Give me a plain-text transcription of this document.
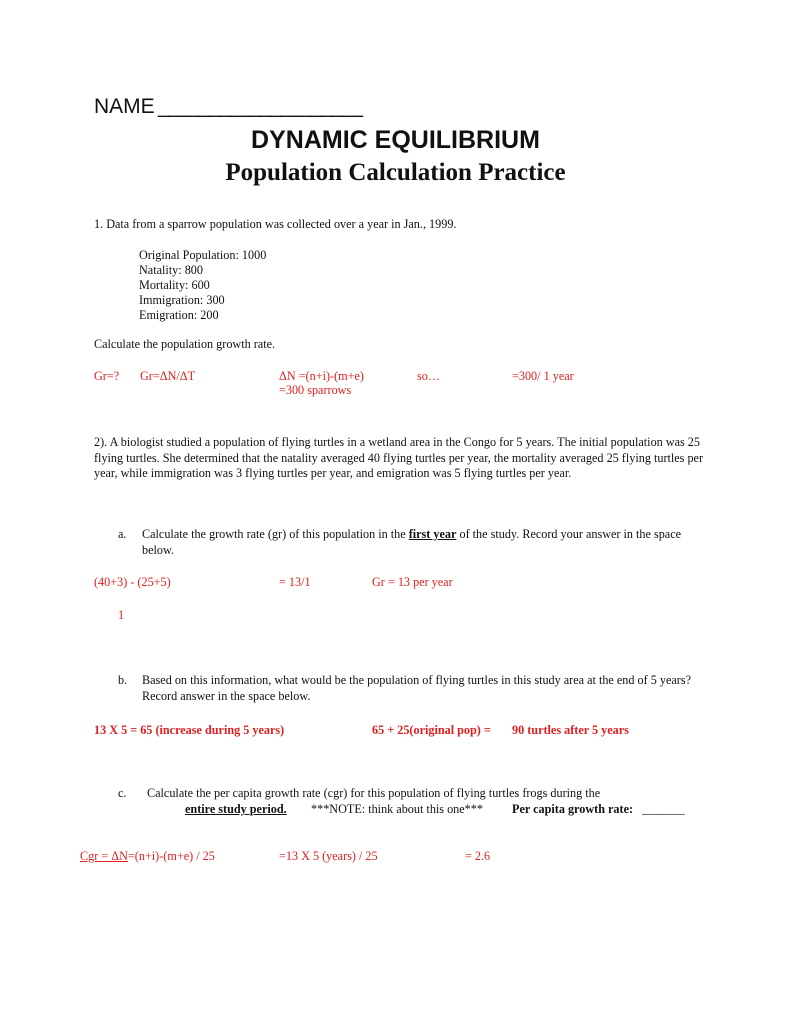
NAME ____________________
DYNAMIC EQUILIBRIUM
Population Calculation Practice
1. Data from a sparrow population was collected over a year in Jan., 1999.
Original Population: 1000
Natality: 800
Mortality: 600
Immigration: 300
Emigration: 200
Calculate the population growth rate.
Gr=? Gr=ΔN/ΔT	ΔN =(n+i)-(m+e)
=300 sparrows
so…	=300/ 1 year
2). A biologist studied a population of flying turtles in a wetland area in the Congo for 5 years. The initial population was 25 flying turtles. She determined that the natality averaged 40 flying turtles per year, the mortality averaged 25 flying turtles per year, while immigration was 3 flying turtles per year, and emigration was 5 flying turtles per year.
a. Calculate the growth rate (gr) of this population in the first year of the study. Record your answer in the space below.
(40+3) - (25+5)	= 13/1	Gr = 13 per year
1
b. Based on this information, what would be the population of flying turtles in this study area at the end of 5 years? Record answer in the space below.
13 X 5 = 65 (increase during 5 years)	65 + 25(original pop) = 90 turtles after 5 years
c. Calculate the per capita growth rate (cgr) for this population of flying turtles frogs during the
entire study period. ***NOTE: think about this one*** Per capita growth rate: _______
Cgr = ΔN=(n+i)-(m+e) / 25	=13 X 5 (years) / 25	= 2.6
